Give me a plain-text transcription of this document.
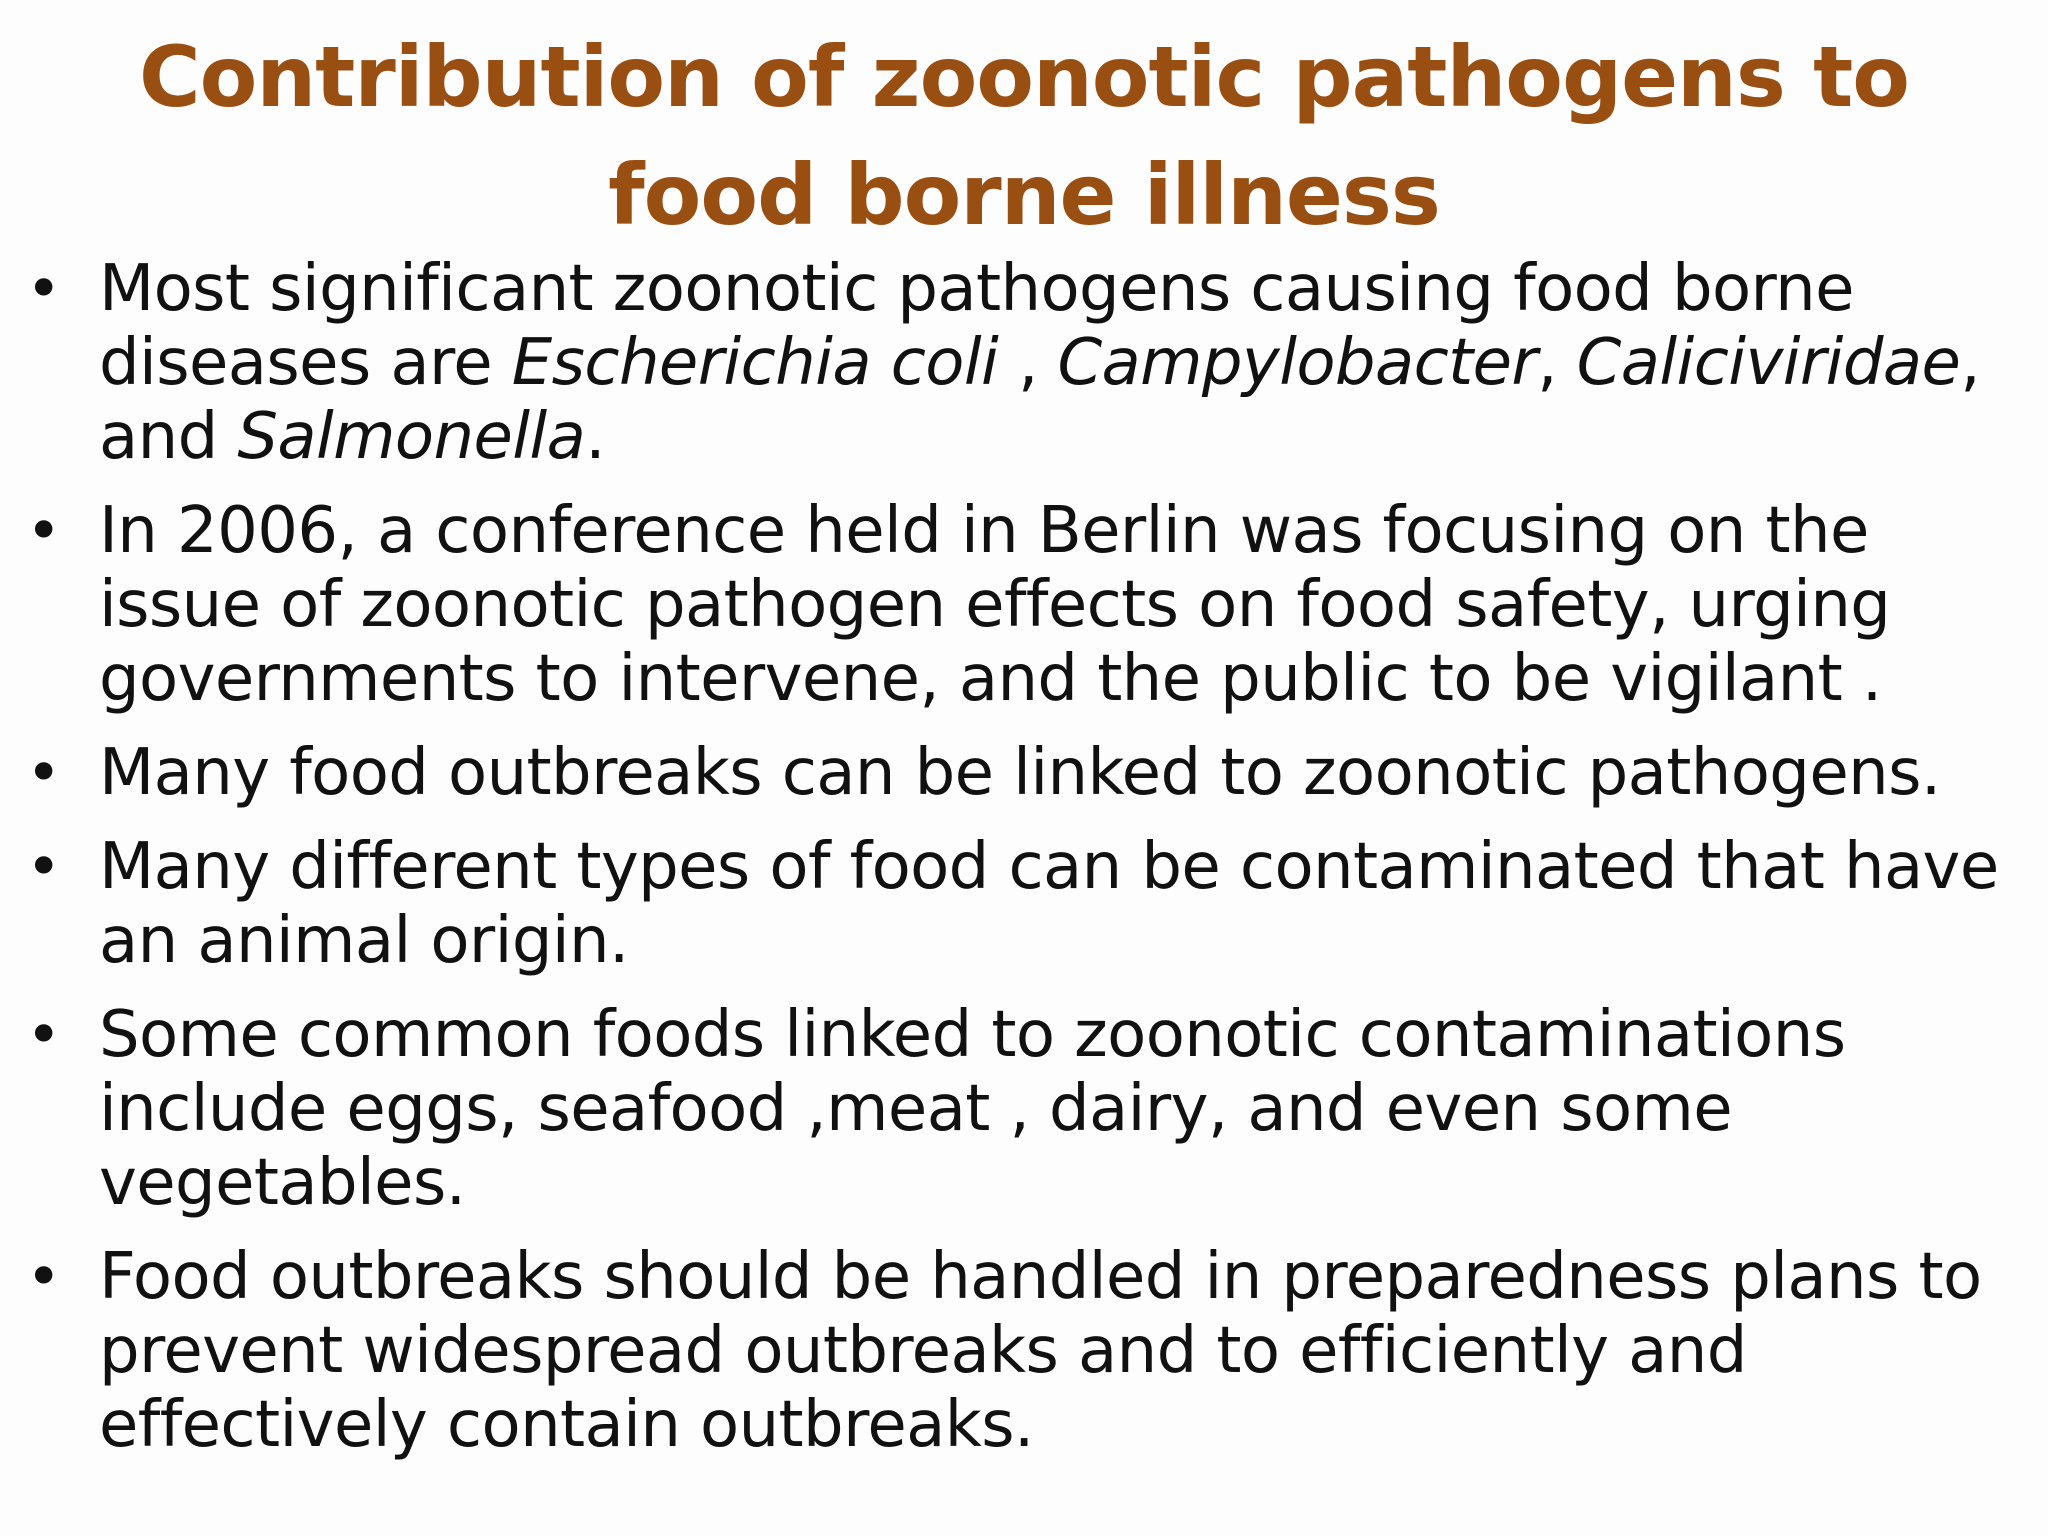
Contribution of zoonotic pathogens to food borne illness
• Most significant zoonotic pathogens causing food borne diseases are Escherichia coli , Campylobacter, Caliciviridae, and Salmonella.
• In 2006, a conference held in Berlin was focusing on the issue of zoonotic pathogen effects on food safety, urging governments to intervene, and the public to be vigilant .
• Many food outbreaks can be linked to zoonotic pathogens.
• Many different types of food can be contaminated that have an animal origin.
• Some common foods linked to zoonotic contaminations include eggs, seafood ,meat , dairy, and even some vegetables.
• Food outbreaks should be handled in preparedness plans to prevent widespread outbreaks and to efficiently and effectively contain outbreaks.
